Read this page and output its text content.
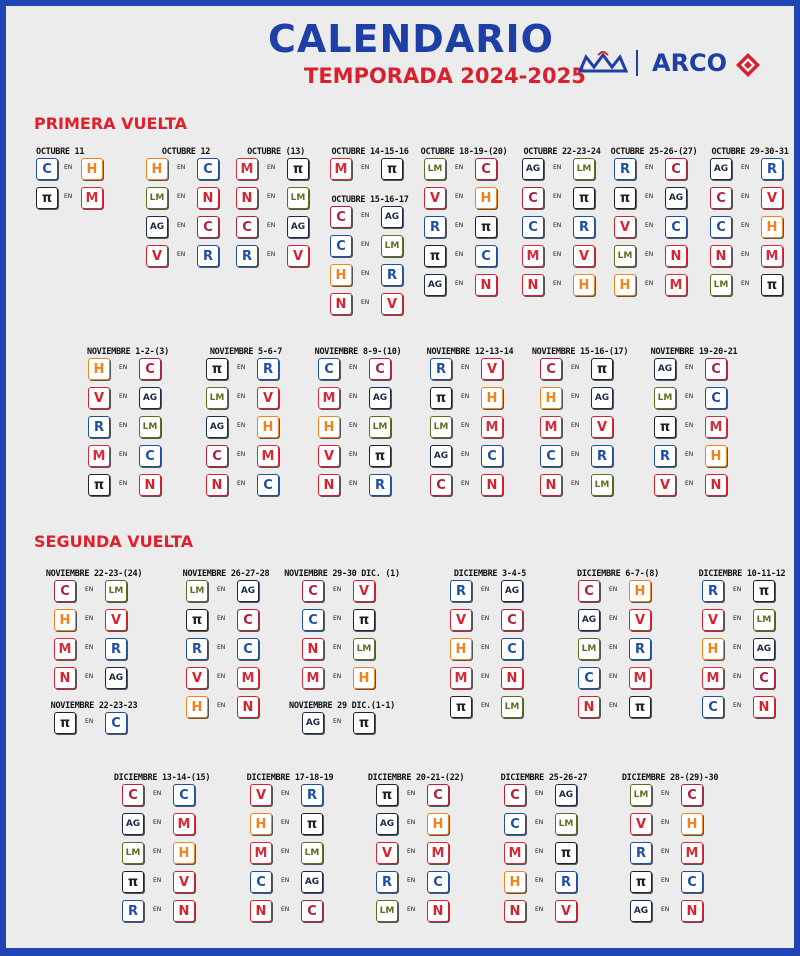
CALENDARIO
TEMPORADA 2024-2025	ARCO
PRIMERA VUELTA
SEGUNDA VUELTA
OCTUBRE 11
C EN H
π EN M
OCTUBRE 12
H EN C
LM EN N
AG EN C
V EN R
OCTUBRE (13)
M EN π
N EN LM
C	EN AG
R	EN V
OCTUBRE 14-15-16
M EN π
OCTUBRE 15-16-17
C	EN AG
C	EN LM
H EN R
N EN V
OCTUBRE 18-19-(20)
LM EN C
V EN H
R	EN π
π EN C
AG EN N
OCTUBRE 22-23-24
AG EN LM
C	EN π
C	EN R
M EN V
N EN H
OCTUBRE 25-26-(27)
R	EN C
π EN AG
V EN C
LM EN N
H EN M
OCTUBRE 29-30-31
AG EN R
C	EN V
C	EN H
N EN M
LM EN π
NOVIEMBRE 1-2-(3)
H EN C
V EN AG
R	EN LM
M EN C
π EN N
NOVIEMBRE 5-6-7
π EN R
LM EN V
AG EN H
C	EN M
N EN C
NOVIEMBRE 8-9-(10)
C	EN C
M EN AG
H EN LM
V EN π
N EN R
NOVIEMBRE 12-13-14
R	EN V
π EN H
LM EN M
AG EN C
C	EN N
NOVIEMBRE 15-16-(17)
C	EN π
H EN AG
M EN V
C	EN R
N EN LM
NOVIEMBRE 19-20-21
AG EN C
LM EN C
π EN M
R	EN H
V EN N
NOVIEMBRE 22-23-(24)
C	EN LM
H EN V
M EN R
N EN AG
NOVIEMBRE 22-23-23
π EN C
NOVIEMBRE 26-27-28
LM EN AG
π EN C
R	EN C
V EN M
H EN N
NOVIEMBRE 29-30 DIC. (1)
C	EN V
C	EN π
N EN LM
M EN H
NOVIEMBRE 29 DIC.(1-1)
AG EN π
DICIEMBRE 3-4-5
R	EN AG
V EN C
H EN C
M EN N
π EN LM
DICIEMBRE 6-7-(8)
C	EN H
AG EN V
LM EN R
C	EN M
N EN π
DICIEMBRE 10-11-12
R	EN π
V EN LM
H EN AG
M EN C
C	EN N
DICIEMBRE 13-14-(15)
C	EN C
AG EN M
LM EN H
π EN V
R	EN N
DICIEMBRE 17-18-19
V EN R
H EN π
M EN LM
C	EN AG
N EN C
DICIEMBRE 20-21-(22)
π EN C
AG EN H
V EN M
R	EN C
LM EN N
DICIEMBRE 25-26-27
C	EN AG
C	EN LM
M EN π
H EN R
N EN V
DICIEMBRE 28-(29)-30
LM EN C
V EN H
R	EN M
π EN C
AG EN N
